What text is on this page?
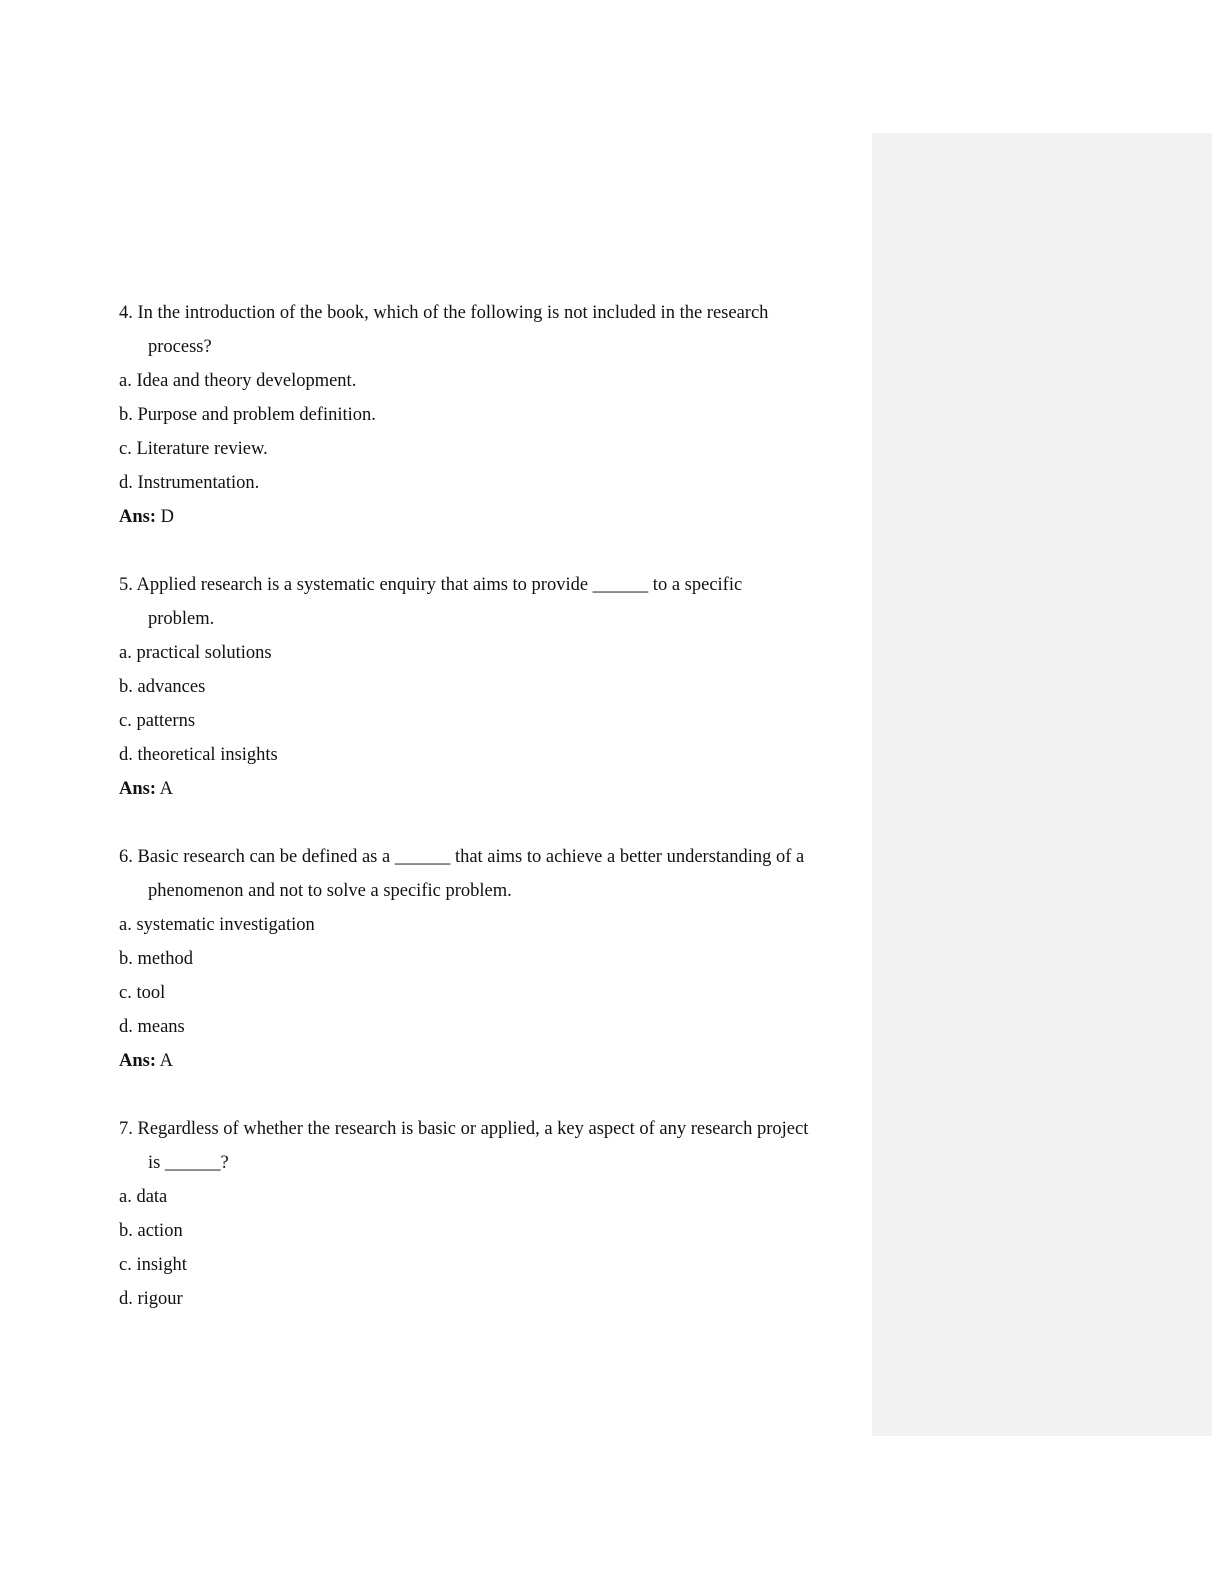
4. In the introduction of the book, which of the following is not included in the research

process?

a. Idea and theory development.

b. Purpose and problem definition.

c. Literature review.

d. Instrumentation.

Ans: D

5. Applied research is a systematic enquiry that aims to provide ______ to a specific

problem.

a. practical solutions

b. advances

c. patterns

d. theoretical insights

Ans: A

6. Basic research can be defined as a ______ that aims to achieve a better understanding of a

phenomenon and not to solve a specific problem.

a. systematic investigation

b. method

c. tool

d. means

Ans: A

7. Regardless of whether the research is basic or applied, a key aspect of any research project

is ______?

a. data

b. action

c. insight

d. rigour
